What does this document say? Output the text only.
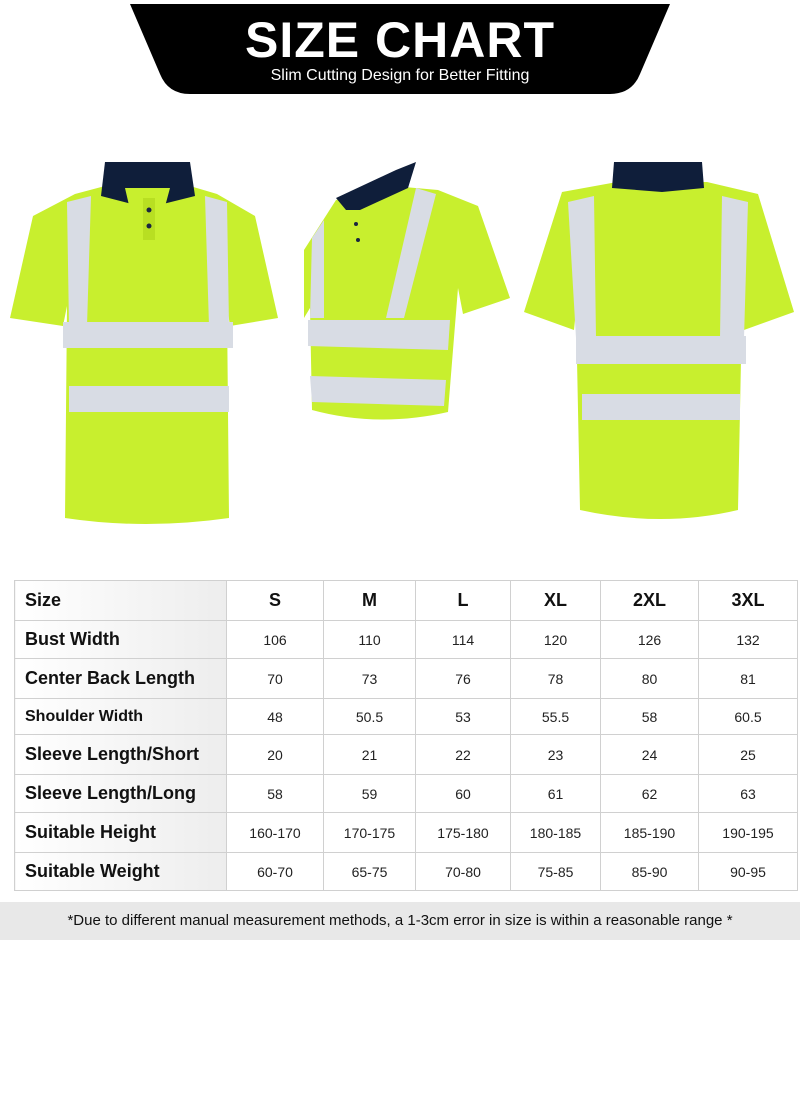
SIZE CHART
Slim Cutting Design for Better Fitting
Size	S	M	L	XL	2XL	3XL
Bust Width	106	110	114	120	126	132
Center Back Length	70	73	76	78	80	81
Shoulder Width	48	50.5	53	55.5	58	60.5
Sleeve Length/Short	20	21	22	23	24	25
Sleeve Length/Long	58	59	60	61	62	63
Suitable Height	160-170	170-175	175-180	180-185	185-190	190-195
Suitable Weight	60-70	65-75	70-80	75-85	85-90	90-95
*Due to different manual measurement methods, a 1-3cm error in size is within a reasonable range *
